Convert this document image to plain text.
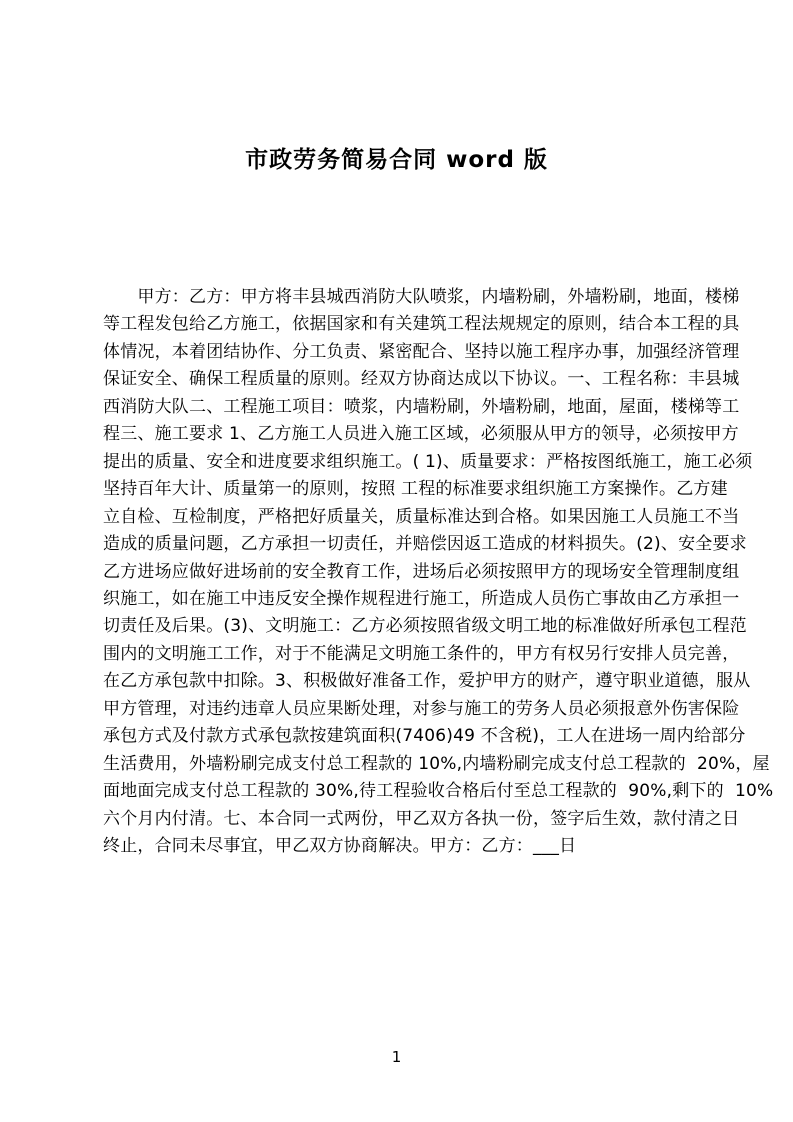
市政劳务简易合同 word 版
　　甲方：乙方：甲方将丰县城西消防大队喷浆，内墙粉刷，外墙粉刷，地面，楼梯
等工程发包给乙方施工，依据国家和有关建筑工程法规规定的原则，结合本工程的具
体情况，本着团结协作、分工负责、紧密配合、坚持以施工程序办事，加强经济管理
保证安全、确保工程质量的原则。经双方协商达成以下协议。一、工程名称：丰县城
西消防大队二、工程施工项目：喷浆，内墙粉刷，外墙粉刷，地面，屋面，楼梯等工
程三、施工要求 1、乙方施工人员进入施工区域，必须服从甲方的领导，必须按甲方
提出的质量、安全和进度要求组织施工。( 1)、质量要求：严格按图纸施工，施工必须
坚持百年大计、质量第一的原则，按照 工程的标准要求组织施工方案操作。乙方建
立自检、互检制度，严格把好质量关，质量标准达到合格。如果因施工人员施工不当
造成的质量问题，乙方承担一切责任，并赔偿因返工造成的材料损失。(2)、安全要求
乙方进场应做好进场前的安全教育工作，进场后必须按照甲方的现场安全管理制度组
织施工，如在施工中违反安全操作规程进行施工，所造成人员伤亡事故由乙方承担一
切责任及后果。(3)、文明施工：乙方必须按照省级文明工地的标准做好所承包工程范
围内的文明施工工作，对于不能满足文明施工条件的，甲方有权另行安排人员完善，
在乙方承包款中扣除。3、积极做好准备工作，爱护甲方的财产，遵守职业道德，服从
甲方管理，对违约违章人员应果断处理，对参与施工的劳务人员必须报意外伤害保险
承包方式及付款方式承包款按建筑面积(7406)49 不含税)，工人在进场一周内给部分
生活费用，外墙粉刷完成支付总工程款的 10%,内墙粉刷完成支付总工程款的  20%，屋
面地面完成支付总工程款的 30%,待工程验收合格后付至总工程款的  90%,剩下的  10%
六个月内付清。七、本合同一式两份，甲乙双方各执一份，签字后生效，款付清之日
终止，合同未尽事宜，甲乙双方协商解决。甲方：乙方：___日
1
